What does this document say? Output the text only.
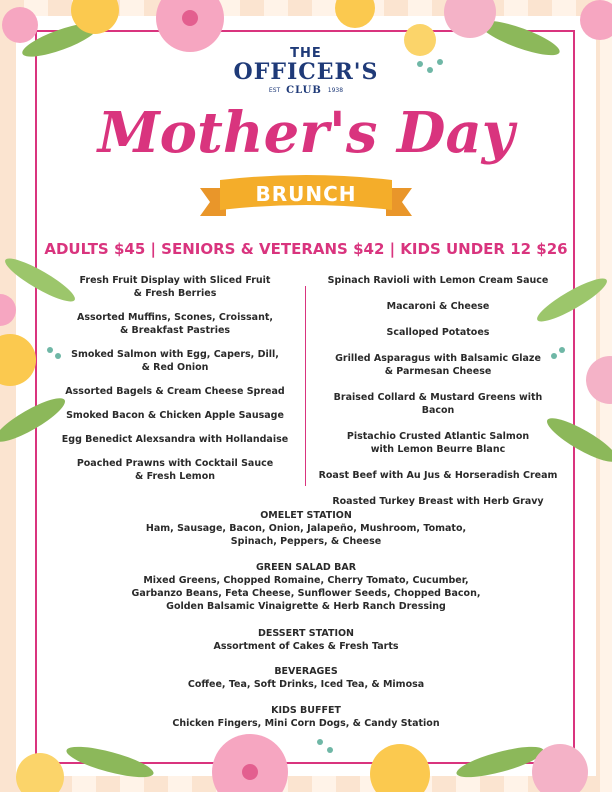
THE
OFFICER'S
EST CLUB 1938
Mother's Day
BRUNCH
ADULTS $45 | SENIORS & VETERANS $42 | KIDS UNDER 12 $26
Fresh Fruit Display with Sliced Fruit
& Fresh Berries
Assorted Muffins, Scones, Croissant,
& Breakfast Pastries
Smoked Salmon with Egg, Capers, Dill,
& Red Onion
Assorted Bagels & Cream Cheese Spread
Smoked Bacon & Chicken Apple Sausage
Egg Benedict Alexsandra with Hollandaise
Poached Prawns with Cocktail Sauce
& Fresh Lemon
Spinach Ravioli with Lemon Cream Sauce
Macaroni & Cheese
Scalloped Potatoes
Grilled Asparagus with Balsamic Glaze
& Parmesan Cheese
Braised Collard & Mustard Greens with Bacon
Pistachio Crusted Atlantic Salmon
with Lemon Beurre Blanc
Roast Beef with Au Jus & Horseradish Cream
Roasted Turkey Breast with Herb Gravy
OMELET STATION
Ham, Sausage, Bacon, Onion, Jalapeño, Mushroom, Tomato,
Spinach, Peppers, & Cheese
GREEN SALAD BAR
Mixed Greens, Chopped Romaine, Cherry Tomato, Cucumber,
Garbanzo Beans, Feta Cheese, Sunflower Seeds, Chopped Bacon,
Golden Balsamic Vinaigrette & Herb Ranch Dressing
DESSERT STATION
Assortment of Cakes & Fresh Tarts
BEVERAGES
Coffee, Tea, Soft Drinks, Iced Tea, & Mimosa
KIDS BUFFET
Chicken Fingers, Mini Corn Dogs, & Candy Station
